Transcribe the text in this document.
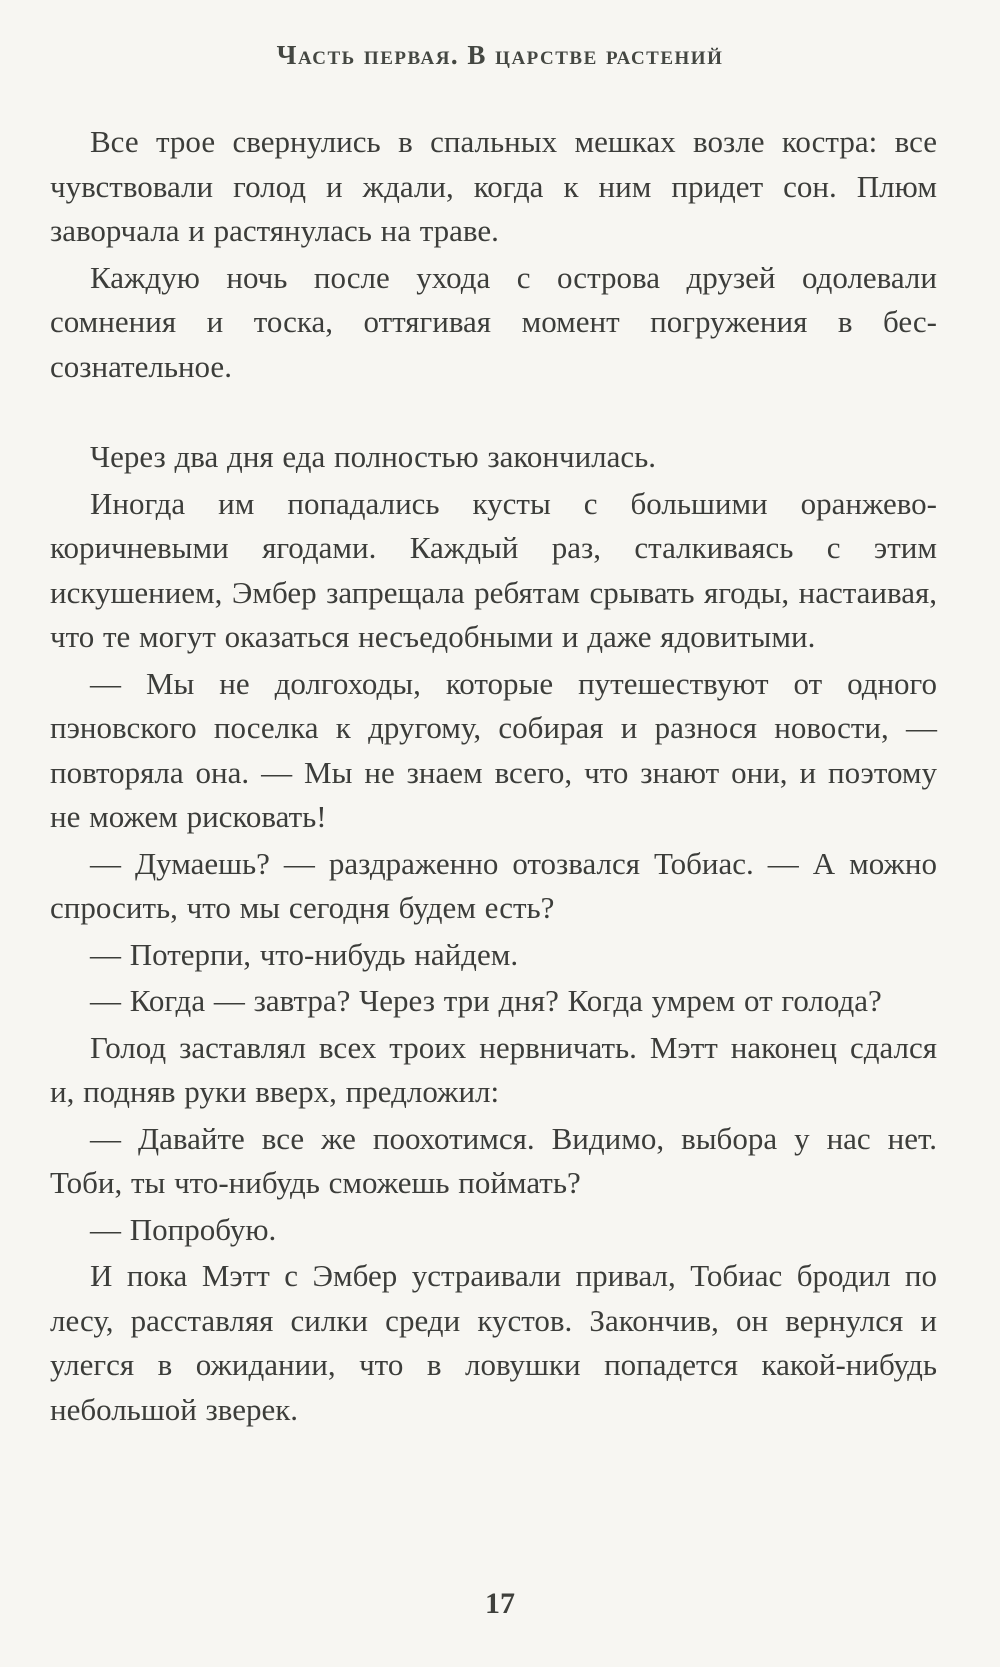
Часть первая. В царстве растений

Все трое свернулись в спальных мешках возле костра: все чувствовали голод и ждали, когда к ним придет сон. Плюм заворчала и растянулась на траве.

Каждую ночь после ухода с острова друзей одолевали сомнения и тоска, оттягивая момент погружения в бессознательное.

Через два дня еда полностью закончилась.

Иногда им попадались кусты с большими оранжево-коричневыми ягодами. Каждый раз, сталкиваясь с этим искушением, Эмбер запрещала ребятам срывать ягоды, настаивая, что те могут оказаться несъедобными и даже ядовитыми.

— Мы не долгоходы, которые путешествуют от одного пэновского поселка к другому, собирая и разнося новости, — повторяла она. — Мы не знаем всего, что знают они, и поэтому не можем рисковать!

— Думаешь? — раздраженно отозвался Тобиас. — А можно спросить, что мы сегодня будем есть?

— Потерпи, что-нибудь найдем.

— Когда — завтра? Через три дня? Когда умрем от голода?

Голод заставлял всех троих нервничать. Мэтт наконец сдался и, подняв руки вверх, предложил:

— Давайте все же поохотимся. Видимо, выбора у нас нет. Тоби, ты что-нибудь сможешь поймать?

— Попробую.

И пока Мэтт с Эмбер устраивали привал, Тобиас бродил по лесу, расставляя силки среди кустов. Закончив, он вернулся и улегся в ожидании, что в ловушки попадется какой-нибудь небольшой зверек.

17
